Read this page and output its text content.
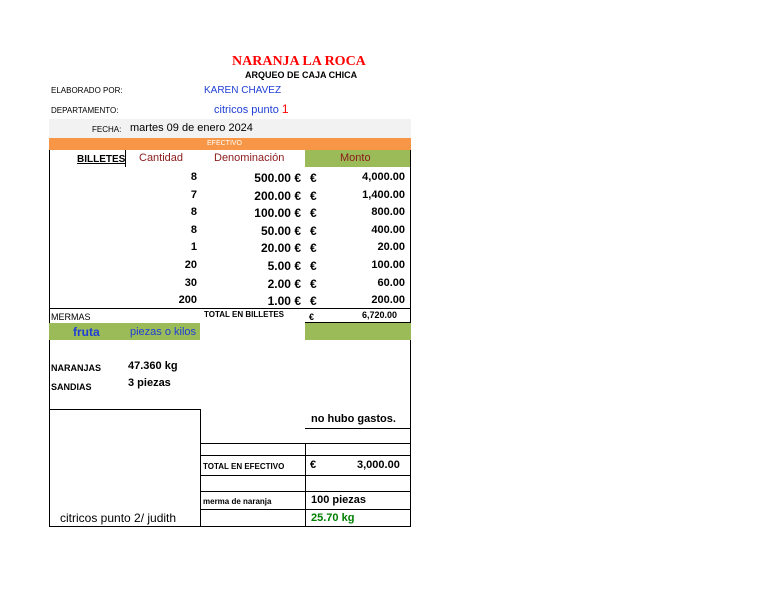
NARANJA LA ROCA
ARQUEO DE CAJA CHICA
ELABORADO POR:	KAREN CHAVEZ
DEPARTAMENTO:	citricos punto 1
FECHA: martes 09 de enero 2024
EFECTIVO
BILLETES Cantidad	Denominación	Monto
8	500.00 € €	4,000.00
7	200.00 € €	1,400.00
8	100.00 € €	800.00
8	50.00 € €	400.00
1	20.00 € €	20.00
20	5.00 € €	100.00
30	2.00 € €	60.00
200	1.00 € €	200.00
MERMAS	TOTAL EN BILLETES	€	6,720.00
fruta	piezas o kilos
NARANJAS 47.360 kg
SANDIAS	3 piezas
no hubo gastos.
TOTAL EN EFECTIVO €	3,000.00
merma de naranja	100 piezas
25.70 kg
citricos punto 2/ judith
